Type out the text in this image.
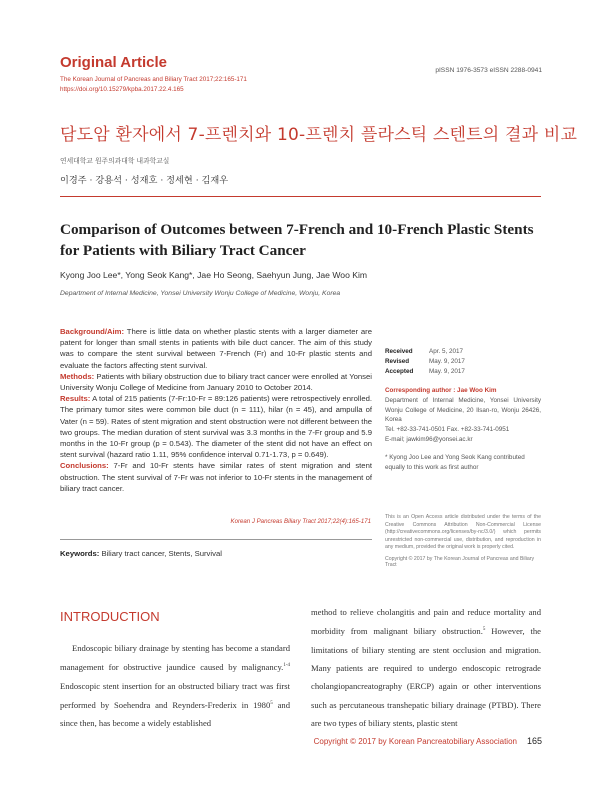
Original Article
The Korean Journal of Pancreas and Biliary Tract 2017;22:165-171
https://doi.org/10.15279/kpba.2017.22.4.165
pISSN 1976-3573 eISSN 2288-0941
담도암 환자에서 7-프렌치와 10-프렌치 플라스틱 스텐트의 결과 비교
연세대학교 원주의과대학 내과학교실
이경주 · 강용석 · 성재호 · 정세현 · 김재우
Comparison of Outcomes between 7-French and 10-French Plastic Stents for Patients with Biliary Tract Cancer
Kyong Joo Lee*, Yong Seok Kang*, Jae Ho Seong, Saehyun Jung, Jae Woo Kim
Department of Internal Medicine, Yonsei University Wonju College of Medicine, Wonju, Korea

Background/Aim: There is little data on whether plastic stents with a larger diameter are patent for longer than small stents in patients with bile duct cancer. The aim of this study was to compare the stent survival between 7-French (Fr) and 10-Fr plastic stents and evaluate the factors affecting stent survival.

Methods: Patients with biliary obstruction due to biliary tract cancer were enrolled at Yonsei University Wonju College of Medicine from January 2010 to October 2014.

Results: A total of 215 patients (7-Fr:10-Fr = 89:126 patients) were retrospectively enrolled. The primary tumor sites were common bile duct (n = 111), hilar (n = 45), and ampulla of Vater (n = 59). Rates of stent migration and stent obstruction were not different between the two groups. The median duration of stent survival was 3.3 months in the 7-Fr group and 5.9 months in the 10-Fr group (p = 0.543). The diameter of the stent did not have an effect on stent survival (hazard ratio 1.11, 95% confidence interval 0.71-1.73, p = 0.649).

Conclusions: 7-Fr and 10-Fr stents have similar rates of stent migration and stent obstruction. The stent survival of 7-Fr was not inferior to 10-Fr stents in the management of biliary tract cancer.

Korean J Pancreas Biliary Tract 2017;22(4):165-171
Keywords: Biliary tract cancer, Stents, Survival
Received	Apr. 5, 2017
Revised	May. 9, 2017
Accepted	May. 9, 2017
Corresponding author : Jae Woo Kim
Department of Internal Medicine, Yonsei University Wonju College of Medicine, 20 Ilsan-ro, Wonju 26426, Korea
Tel. +82-33-741-0501 Fax. +82-33-741-0951
E-mail; jawkim96@yonsei.ac.kr
* Kyong Joo Lee and Yong Seok Kang contributed equally to this work as first author
This is an Open Access article distributed under the terms of the Creative Commons Attribution Non-Commercial License (http://creativecommons.org/licenses/by-nc/3.0/) which permits unrestricted non-commercial use, distribution, and reproduction in any medium, provided the original work is properly cited.
Copyright © 2017 by The Korean Journal of Pancreas and Biliary Tract
INTRODUCTION

Endoscopic biliary drainage by stenting has become a standard management for obstructive jaundice caused by malignancy.$^{1-4}$ Endoscopic stent insertion for an obstructed biliary tract was first performed by Soehendra and Reynders-Frederix in 1980$^5$ and since then, has become a widely established

method to relieve cholangitis and pain and reduce mortality and morbidity from malignant biliary obstruction.$^5$ However, the limitations of biliary stenting are stent occlusion and migration. Many patients are required to undergo endoscopic retrograde cholangiopancreatography (ERCP) again or other interventions such as percutaneous transhepatic biliary drainage (PTBD). There are two types of biliary stents, plastic stent

Copyright © 2017 by Korean Pancreatobiliary Association 165
